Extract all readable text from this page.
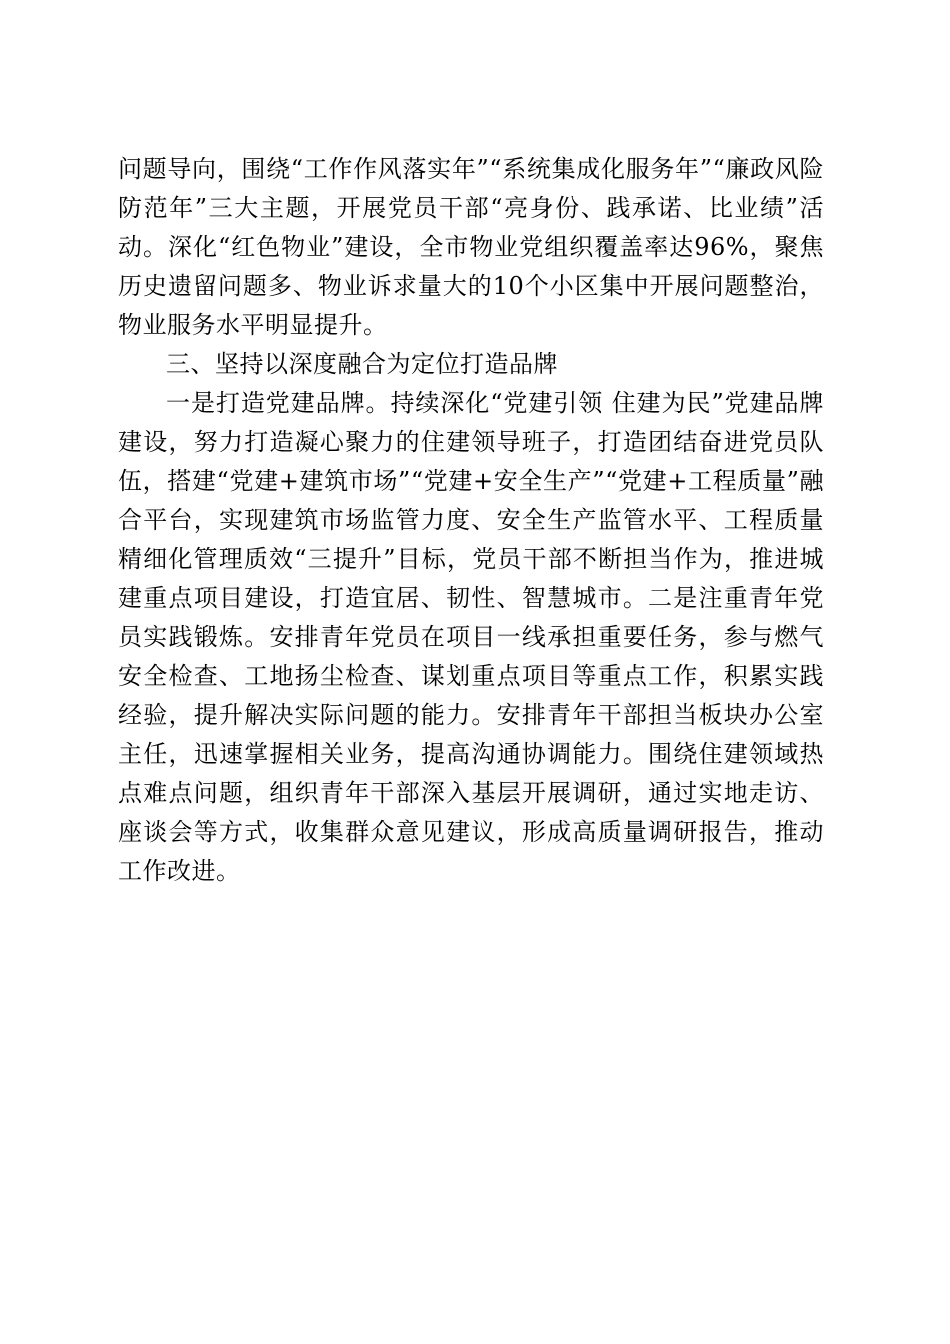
问题导向，围绕“工作作风落实年”“系统集成化服务年”“廉政风险防范年”三大主题，开展党员干部“亮身份、践承诺、比业绩”活动。深化“红色物业”建设，全市物业党组织覆盖率达96%，聚焦历史遗留问题多、物业诉求量大的10个小区集中开展问题整治，物业服务水平明显提升。

三、坚持以深度融合为定位打造品牌

一是打造党建品牌。持续深化“党建引领 住建为民”党建品牌建设，努力打造凝心聚力的住建领导班子，打造团结奋进党员队伍，搭建“党建+建筑市场”“党建+安全生产”“党建+工程质量”融合平台，实现建筑市场监管力度、安全生产监管水平、工程质量精细化管理质效“三提升”目标，党员干部不断担当作为，推进城建重点项目建设，打造宜居、韧性、智慧城市。二是注重青年党员实践锻炼。安排青年党员在项目一线承担重要任务，参与燃气安全检查、工地扬尘检查、谋划重点项目等重点工作，积累实践经验，提升解决实际问题的能力。安排青年干部担当板块办公室主任，迅速掌握相关业务，提高沟通协调能力。围绕住建领域热点难点问题，组织青年干部深入基层开展调研，通过实地走访、座谈会等方式，收集群众意见建议，形成高质量调研报告，推动工作改进。
